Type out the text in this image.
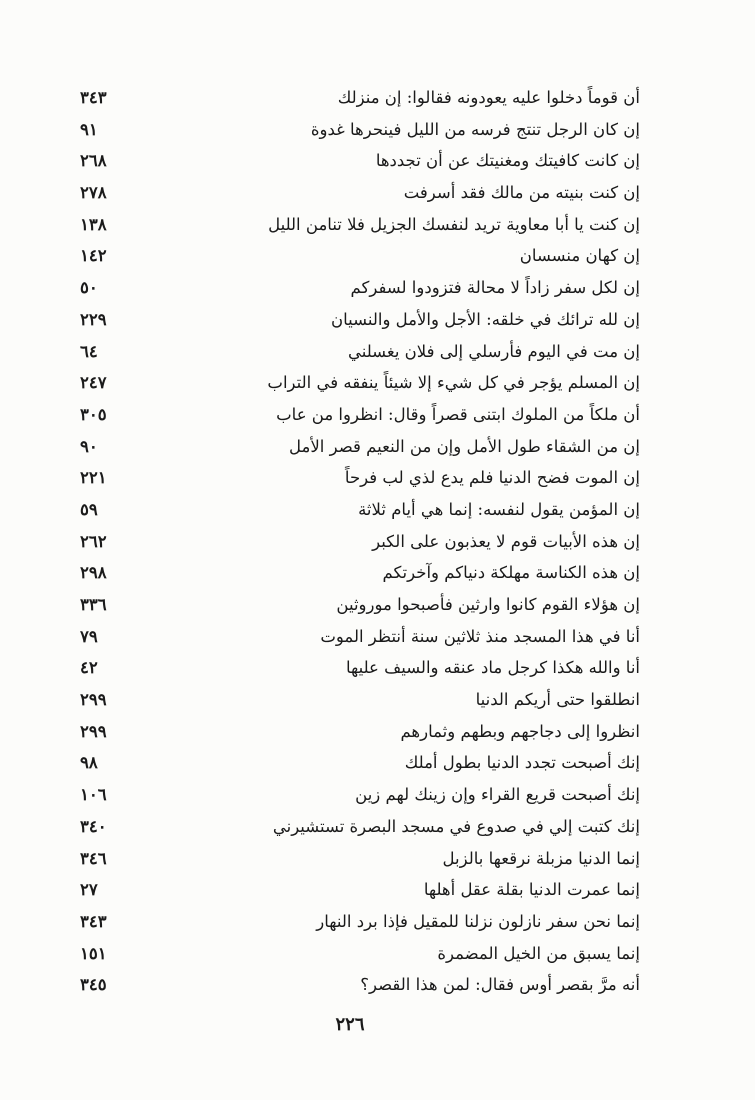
أن قوماً دخلوا عليه يعودونه فقالوا: إن منزلك
٣٤٣
إن كان الرجل تنتج فرسه من الليل فينحرها غدوة
٩١
إن كانت كافيتك ومغنيتك عن أن تجددها
٢٦٨
إن كنت بنيته من مالك فقد أسرفت
٢٧٨
إن كنت يا أبا معاوية تريد لنفسك الجزيل فلا تنامن الليل
١٣٨
إن كهان منسسان
١٤٢
إن لكل سفر زاداً لا محالة فتزودوا لسفركم
٥٠
إن لله ترائك في خلقه: الأجل والأمل والنسيان
٢٢٩
إن مت في اليوم فأرسلي إلى فلان يغسلني
٦٤
إن المسلم يؤجر في كل شيء إلا شيئاً ينفقه في التراب
٢٤٧
أن ملكاً من الملوك ابتنى قصراً وقال: انظروا من عاب
٣٠٥
إن من الشقاء طول الأمل وإن من النعيم قصر الأمل
٩٠
إن الموت فضح الدنيا فلم يدع لذي لب فرحاً
٢٢١
إن المؤمن يقول لنفسه: إنما هي أيام ثلاثة
٥٩
إن هذه الأبيات قوم لا يعذبون على الكبر
٢٦٢
إن هذه الكناسة مهلكة دنياكم وآخرتكم
٢٩٨
إن هؤلاء القوم كانوا وارثين فأصبحوا موروثين
٣٣٦
أنا في هذا المسجد منذ ثلاثين سنة أنتظر الموت
٧٩
أنا والله هكذا كرجل ماد عنقه والسيف عليها
٤٢
انطلقوا حتى أريكم الدنيا
٢٩٩
انظروا إلى دجاجهم وبطهم وثمارهم
٢٩٩
إنك أصبحت تجدد الدنيا بطول أملك
٩٨
إنك أصبحت قريع القراء وإن زينك لهم زين
١٠٦
إنك كتبت إلي في صدوع في مسجد البصرة تستشيرني
٣٤٠
إنما الدنيا مزبلة نرقعها بالزبل
٣٤٦
إنما عمرت الدنيا بقلة عقل أهلها
٢٧
إنما نحن سفر نازلون نزلنا للمقيل فإذا برد النهار
٣٤٣
إنما يسبق من الخيل المضمرة
١٥١
أنه مرَّ بقصر أوس فقال: لمن هذا القصر؟
٣٤٥
٢٢٦
